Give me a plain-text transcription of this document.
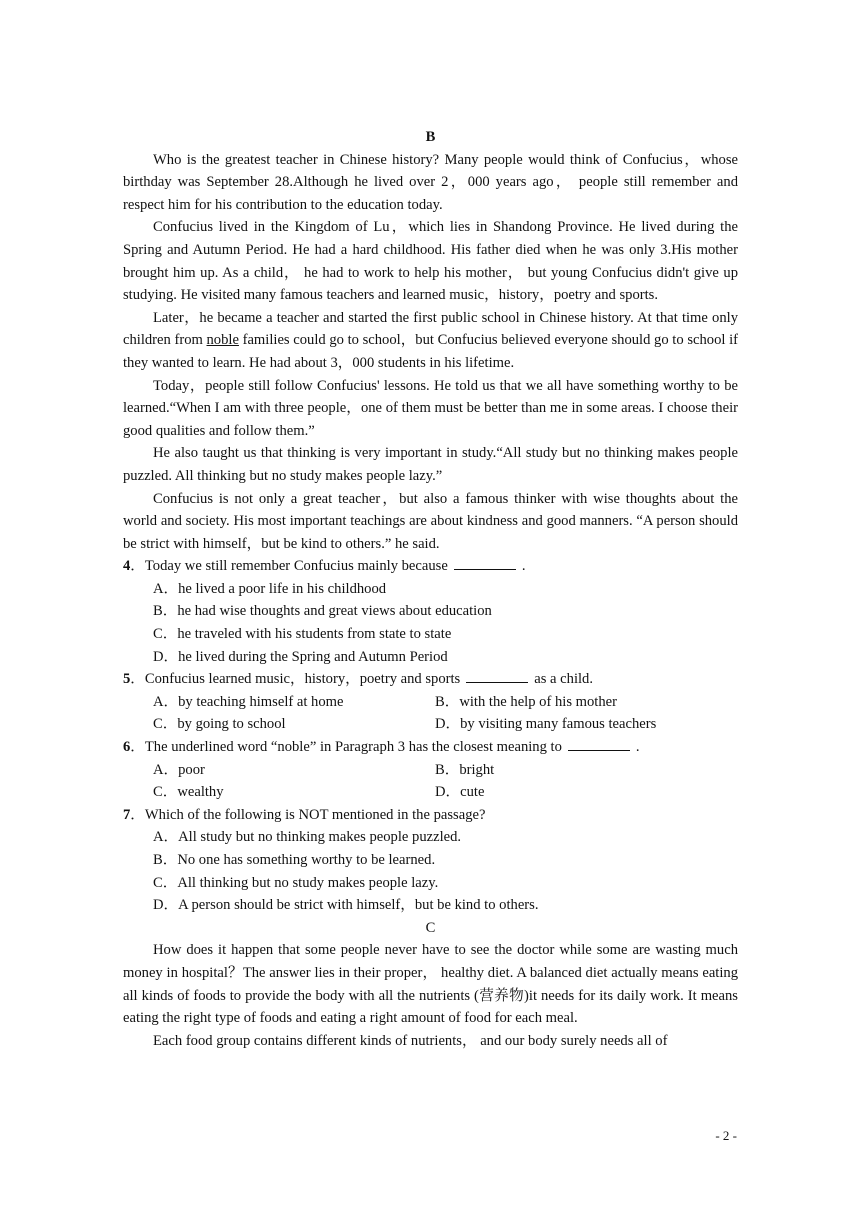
B

Who is the greatest teacher in Chinese history? Many people would think of Confucius，whose birthday was September 28.Although he lived over 2，000 years ago， people still remember and respect him for his contribution to the education today.

Confucius lived in the Kingdom of Lu，which lies in Shandong Province. He lived during the Spring and Autumn Period. He had a hard childhood. His father died when he was only 3.His mother brought him up. As a child， he had to work to help his mother， but young Confucius didn't give up studying. He visited many famous teachers and learned music，history，poetry and sports.

Later，he became a teacher and started the first public school in Chinese history. At that time only children from noble families could go to school，but Confucius believed everyone should go to school if they wanted to learn. He had about 3，000 students in his lifetime.

Today，people still follow Confucius' lessons. He told us that we all have something worthy to be learned.“When I am with three people，one of them must be better than me in some areas. I choose their good qualities and follow them.”

He also taught us that thinking is very important in study.“All study but no thinking makes people puzzled. All thinking but no study makes people lazy.”

Confucius is not only a great teacher，but also a famous thinker with wise thoughts about the world and society. His most important teachings are about kindness and good manners. “A person should be strict with himself，but be kind to others.” he said.

4．Today we still remember Confucius mainly because	.

A．he lived a poor life in his childhood

B．he had wise thoughts and great views about education

C．he traveled with his students from state to state

D．he lived during the Spring and Autumn Period

5．Confucius learned music，history，poetry and sports	as a child.

A．by teaching himself at home	B．with the help of his mother
C．by going to school	D．by visiting many famous teachers

6．The underlined word “noble” in Paragraph 3 has the closest meaning to	.

A．poor	B．bright
C．wealthy	D．cute

7．Which of the following is NOT mentioned in the passage?

A．All study but no thinking makes people puzzled.

B．No one has something worthy to be learned.

C．All thinking but no study makes people lazy.

D．A person should be strict with himself，but be kind to others.

C

How does it happen that some people never have to see the doctor while some are wasting much money in hospital？The answer lies in their proper， healthy diet. A balanced diet actually means eating all kinds of foods to provide the body with all the nutrients (营养物)it needs for its daily work. It means eating the right type of foods and eating a right amount of food for each meal.

Each food group contains different kinds of nutrients， and our body surely needs all of

- 2 -
